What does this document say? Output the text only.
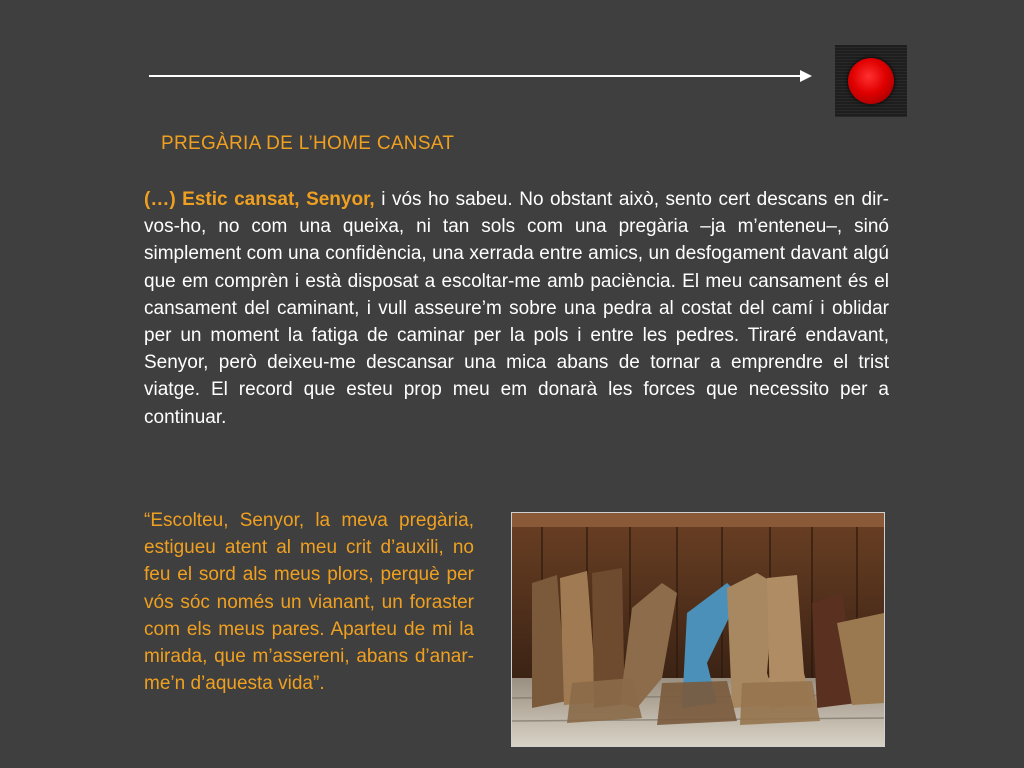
PREGÀRIA DE L’HOME CANSAT
(…) Estic cansat, Senyor, i vós ho sabeu. No obstant això, sento cert descans en dir-vos-ho, no com una queixa, ni tan sols com una pregària –ja m’enteneu–, sinó simplement com una confidència, una xerrada entre amics, un desfogament davant algú que em comprèn i està disposat a escoltar-me amb paciència. El meu cansament és el cansament del caminant, i vull asseure’m sobre una pedra al costat del camí i oblidar per un moment la fatiga de caminar per la pols i entre les pedres. Tiraré endavant, Senyor, però deixeu-me descansar una mica abans de tornar a emprendre el trist viatge. El record que esteu prop meu em donarà les forces que necessito per a continuar.
“Escolteu, Senyor, la meva pregària, estigueu atent al meu crit d’auxili, no feu el sord als meus plors, perquè per vós sóc només un vianant, un foraster com els meus pares. Aparteu de mi la mirada, que m’assereni, abans d’anar-me’n d’aquesta vida”.
